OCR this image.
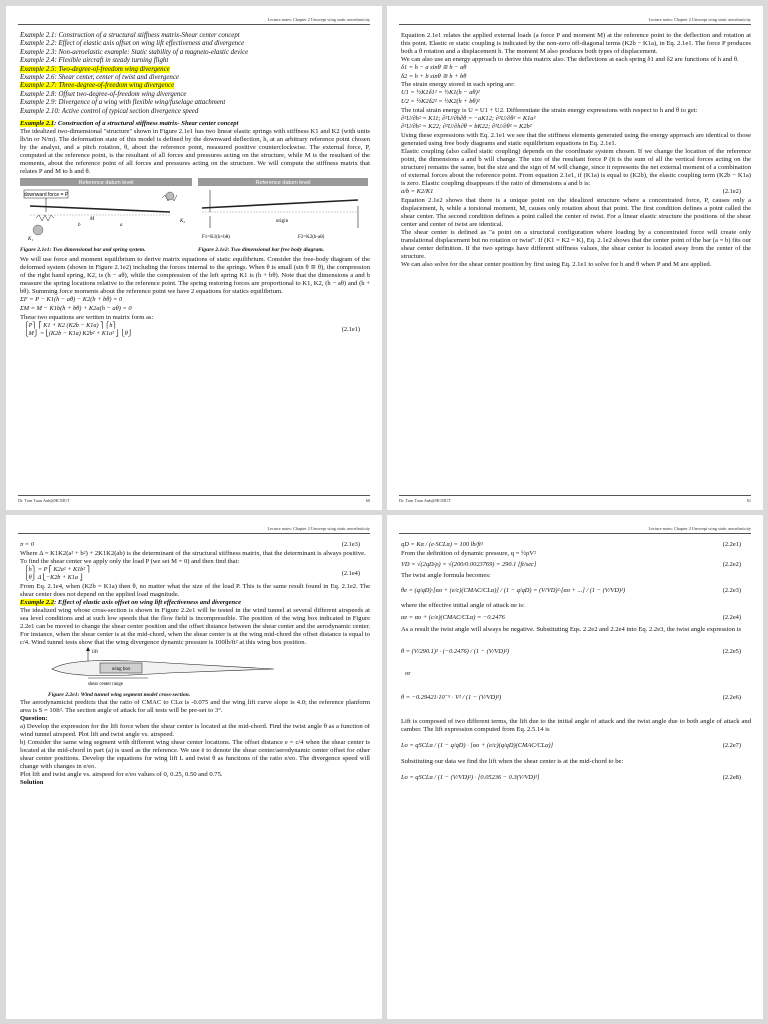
Lecture notes: Chapter 2 Unswept wing static aeroelasticity
Example 2.1: Construction of a structural stiffness matrix-Shear center concept
Example 2.2: Effect of elastic axis offset on wing lift effectiveness and divergence
Example 2.3: Non-aeroelastic example: Static stability of a magneto-elastic device
Example 2.4: Flexible aircraft in steady turning flight
Example 2.5: Two-degree-of-freedom wing divergence
Example 2.6: Shear center, center of twist and divergence
Example 2.7: Three-degree-of-freedom wing divergence
Example 2.8: Offset two-degree-of-freedom wing divergence
Example 2.9: Divergence of a wing with flexible wing/fuselage attachment
Example 2.10: Active control of typical section divergence speed
Example 2.1: Construction of a structural stiffness matrix- Shear center concept

The idealized two-dimensional "structure" shown in Figure 2.1e1 has two linear elastic springs with stiffness K1 and K2 (with units lb/in or N/m). The deformation state of this model is defined by the downward deflection, h, at an arbitrary reference point chosen by the analyst, and a pitch rotation, θ, about the reference point, measured positive counterclockwise. The external force, P, computed at the reference point, is the resultant of all forces and pressures acting on the structure, while M is the resultant of the moments, about the reference point of all forces and pressures acting on the structure. We will compute the stiffness matrix that relates P and M to h and θ.

Reference datum level
downward force = P
M
b	a
K₂
K₁
Figure 2.1e1: Two dimensional bar and spring system.
Reference datum level
origin
F1=K1(h+bθ)	F2=K2(h-aθ)
Figure 2.1e2: Two dimensional bar free body diagram.

We will use force and moment equilibrium to derive matrix equations of static equilibrium. Consider the free-body diagram of the deformed system (shown in Figure 2.1e2) including the forces internal to the springs. When θ is small (sin θ ≅ θ), the compression of the right hand spring, K2, is (h − aθ), while the compression of the left spring K1 is (h + bθ). Note that the dimensions a and b measure the spring locations relative to the reference point. The spring restoring forces are proportional to K1, K2, (h − aθ) and (h + bθ). Summing force moments about the reference point we have 2 equations for statics equilibrium.

ΣF = P − K1(h − aθ) − K2(h + bθ) = 0
ΣM = M − K1b(h + bθ) + K2a(h − aθ) = 0

These two equations are written in matrix form as:

⎧P⎫ ⎡ K1 + K2 (K2b − K1a) ⎤ ⎧h⎫
⎩M⎭ = ⎣(K2b − K1a) K2b² + K1a² ⎦ ⎩θ⎭
(2.1e1)
Dr. Tran Tuan Anh@HCMUT	60
Lecture notes: Chapter 2 Unswept wing static aeroelasticity

Equation 2.1e1 relates the applied external loads (a force P and moment M) at the reference point to the deflection and rotation at this point. Elastic or static coupling is indicated by the non-zero off-diagonal terms (K2b − K1a), in Eq. 2.1e1. The force P produces both a θ rotation and a displacement h. The moment M also produces both types of displacement.

We can also use an energy approach to derive this matrix also. The deflections at each spring δ1 and δ2 are functions of h and θ.

δ1 = h − a sinθ ≅ h − aθ
δ2 = h + b sinθ ≅ h + bθ

The strain energy stored in each spring are:

U1 = ½K1δ1² = ½K1(h − aθ)²
U2 = ½K2δ2² = ½K2(h + bθ)²

The total strain energy is U = U1 + U2. Differentiate the strain energy expressions with respect to h and θ to get:

∂²U/∂h² = K11; ∂²U/∂h∂θ = −aK12; ∂²U/∂θ² = K1a²
∂²U/∂h² = K22; ∂²U/∂h∂θ = bK22; ∂²U/∂θ² = K2b²

Using these expressions with Eq. 2.1e1 we see that the stiffness elements generated using the energy approach are identical to those generated using free body diagrams and static equilibrium equations in Eq. 2.1e1.

Elastic coupling (also called static coupling) depends on the coordinate system chosen. If we change the location of the reference point, the dimensions a and b will change. The size of the resultant force P (it is the sum of all the vertical forces acting on the structure) remains the same, but the size and the sign of M will change, since it represents the net external moment of a combination of external forces about the reference point. From equation 2.1e1, if (K1a) is equal to (K2b), the elastic coupling term (K2b − K1a) is zero. Elastic coupling disappears if the ratio of dimensions a and b is:

a/b = K2/K1	(2.1e2)

Equation 2.1e2 shows that there is a unique point on the idealized structure where a concentrated force, P, causes only a displacement, h, while a torsional moment, M, causes only rotation about that point. The first condition defines a point called the shear center. The second condition defines a point called the center of twist. For a linear elastic structure the positions of the shear center and center of twist are identical.

The shear center is defined as "a point on a structural configuration where loading by a concentrated force will create only translational displacement but no rotation or twist". If (K1 = K2 = K), Eq. 2.1e2 shows that the center point of the bar (a = b) fits our shear center definition. If the two springs have different stiffness values, the shear center is located away from the center of the structure.

We can also solve for the shear center position by first using Eq. 2.1e1 to solve for h and θ when P and M are applied.

Dr. Tran Tuan Anh@HCMUT	61
Lecture notes: Chapter 2 Unswept wing static aeroelasticity
π = 0	(2.1e3)

Where Δ = K1K2(a² + b²) + 2K1K2(ab) is the determinant of the structural stiffness matrix, that the determinant is always positive.

To find the shear center we apply only the load P (we set M = 0) and then find that:

⎧h⎫ = P ⎡ K2a² + K1b² ⎤
⎩θ⎭ Δ ⎣−K2b + K1a ⎦
(2.1e4)

From Eq. 2.1e4, when (K2b = K1a) then θ, no matter what the size of the load P. This is the same result found in Eq. 2.1e2. The shear center does not depend on the applied load magnitude.

Example 2.2: Effect of elastic axis offset on wing lift effectiveness and divergence

The idealized wing whose cross-section is shown in Figure 2.2e1 will be tested in the wind tunnel at several different airspeeds at sea level conditions and at such low speeds that the flow field is incompressible. The position of the wing box indicated in Figure 2.2e1 can be moved to change the shear center position and the offset distance between the shear center and the aerodynamic center. For instance, when the shear center is at the mid-chord, when the shear center is at the wing mid-chord the offset distance is equal to c/4. Wind tunnel tests show that the wing divergence dynamic pressure is 100lb/ft² at this wing box position.

lift
wing box
shear center range
Figure 2.2e1: Wind tunnel wing segment model cross-section.

The aerodynamicist predicts that the ratio of CMAC to CLα is -0.075 and the wing lift curve slope is 4.0; the reference planform area is S = 10ft². The section angle of attack for all tests will be pre-set to 3°.

Question:

a) Develop the expression for the lift force when the shear center is located at the mid-chord. Find the twist angle θ as a function of wind tunnel airspeed. Plot lift and twist angle vs. airspeed.

b) Consider the same wing segment with different wing shear center locations. The offset distance e = c/4 when the shear center is located at the mid-chord in part (a) is used as the reference. We use ē to denote the shear center/aerodynamic center offset for other shear center positions. Develop the equations for wing lift L and twist θ as functions of the ratio e/eo. The divergence speed will change with changes in e/eo.

Plot lift and twist angle vs. airspeed for e/eo values of 0, 0.25, 0.50 and 0.75.

Solution

Lecture notes: Chapter 2 Unswept wing static aeroelasticity
qD = Kα / (e·SCLα) = 100 lb/ft²	(2.2e1)

From the definition of dynamic pressure, q = ½ρV²

VD = √(2qD/ρ) = √(200/0.0023769) = 290.1 [ft/sec]	(2.2e2)

The twist angle formula becomes:

θe = (q/qD)·[αo + (e/c)(CMAC/CLα)] / (1 − q/qD) = (V/VD)²·[αo + ...] / (1 − (V/VD)²)	(2.2e3)

where the effective initial angle of attack αe is:

αe = αo + (c/e)(CMAC/CLα) = −0.2476	(2.2e4)

As a result the twist angle will always be negative. Substituting Eqs. 2.2e2 and 2.2e4 into Eq. 2.2e3, the twist angle expression is

θ = (V/290.1)² · (−0.2476) / (1 − (V/VD)²)	(2.2e5)

or

θ = −0.29421·10⁻⁵ · V² / (1 − (V/VD)²)	(2.2e6)

Lift is composed of two different terms, the lift due to the initial angle of attack and the twist angle due to both angle of attack and camber. The lift expression computed from Eq. 2.5.14 is

Lo = qSCLα / (1 − q/qD) · [αo + (e/c)(q/qD)(CMAC/CLα)]	(2.2e7)

Substituting our data we find the lift when the shear center is at the mid-chord to be:

Lo = qSCLα / (1 − (V/VD)²) · [0.05236 − 0.3(V/VD)²]	(2.2e8)
